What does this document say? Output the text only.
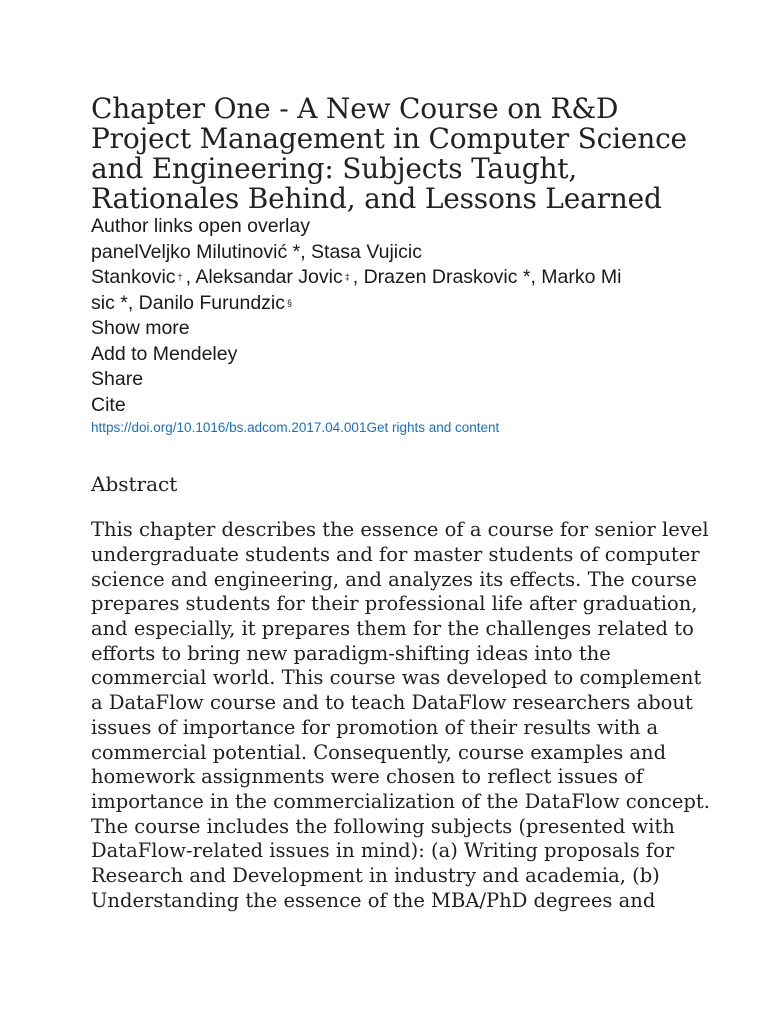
Chapter One - A New Course on R&D
Project Management in Computer Science
and Engineering: Subjects Taught,
Rationales Behind, and Lessons Learned
Author links open overlay
panelVeljko Milutinović *, Stasa Vujicic
Stankovic † , Aleksandar Jovic ‡ , Drazen Draskovic *, Marko Mi
sic *, Danilo Furundzic §
Show more
Add to Mendeley
Share
Cite
https://doi.org/10.1016/bs.adcom.2017.04.001Get rights and content
Abstract
This chapter describes the essence of a course for senior level
undergraduate students and for master students of computer
science and engineering, and analyzes its effects. The course
prepares students for their professional life after graduation,
and especially, it prepares them for the challenges related to
efforts to bring new paradigm-shifting ideas into the
commercial world. This course was developed to complement
a DataFlow course and to teach DataFlow researchers about
issues of importance for promotion of their results with a
commercial potential. Consequently, course examples and
homework assignments were chosen to reflect issues of
importance in the commercialization of the DataFlow concept.
The course includes the following subjects (presented with
DataFlow-related issues in mind): (a) Writing proposals for
Research and Development in industry and academia, (b)
Understanding the essence of the MBA/PhD degrees and
